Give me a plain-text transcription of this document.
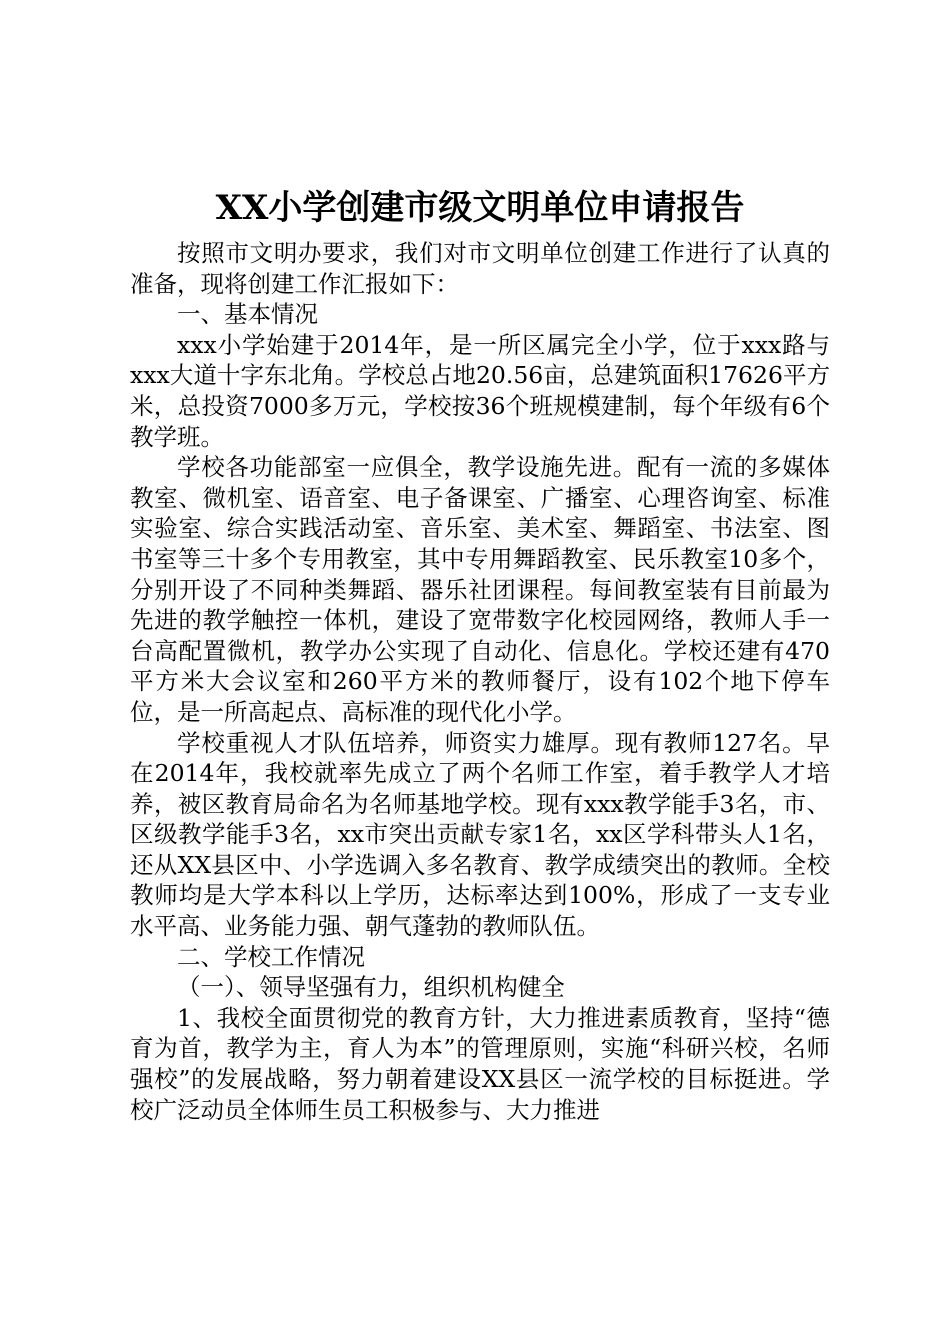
XX小学创建市级文明单位申请报告

按照市文明办要求，我们对市文明单位创建工作进行了认真的准备，现将创建工作汇报如下：

一、基本情况

xxx小学始建于2014年，是一所区属完全小学，位于xxx路与xxx大道十字东北角。学校总占地20.56亩，总建筑面积17626平方米，总投资7000多万元，学校按36个班规模建制，每个年级有6个教学班。

学校各功能部室一应俱全，教学设施先进。配有一流的多媒体教室、微机室、语音室、电子备课室、广播室、心理咨询室、标准实验室、综合实践活动室、音乐室、美术室、舞蹈室、书法室、图书室等三十多个专用教室，其中专用舞蹈教室、民乐教室10多个，分别开设了不同种类舞蹈、器乐社团课程。每间教室装有目前最为先进的教学触控一体机，建设了宽带数字化校园网络，教师人手一台高配置微机，教学办公实现了自动化、信息化。学校还建有470平方米大会议室和260平方米的教师餐厅，设有102个地下停车位，是一所高起点、高标准的现代化小学。

学校重视人才队伍培养，师资实力雄厚。现有教师127名。早在2014年，我校就率先成立了两个名师工作室，着手教学人才培养，被区教育局命名为名师基地学校。现有xxx教学能手3名，市、区级教学能手3名，xx市突出贡献专家1名，xx区学科带头人1名，还从XX县区中、小学选调入多名教育、教学成绩突出的教师。全校教师均是大学本科以上学历，达标率达到100%，形成了一支专业水平高、业务能力强、朝气蓬勃的教师队伍。

二、学校工作情况

（一）、领导坚强有力，组织机构健全

1、我校全面贯彻党的教育方针，大力推进素质教育，坚持“德育为首，教学为主，育人为本”的管理原则，实施“科研兴校，名师强校”的发展战略，努力朝着建设XX县区一流学校的目标挺进。学校广泛动员全体师生员工积极参与、大力推进
